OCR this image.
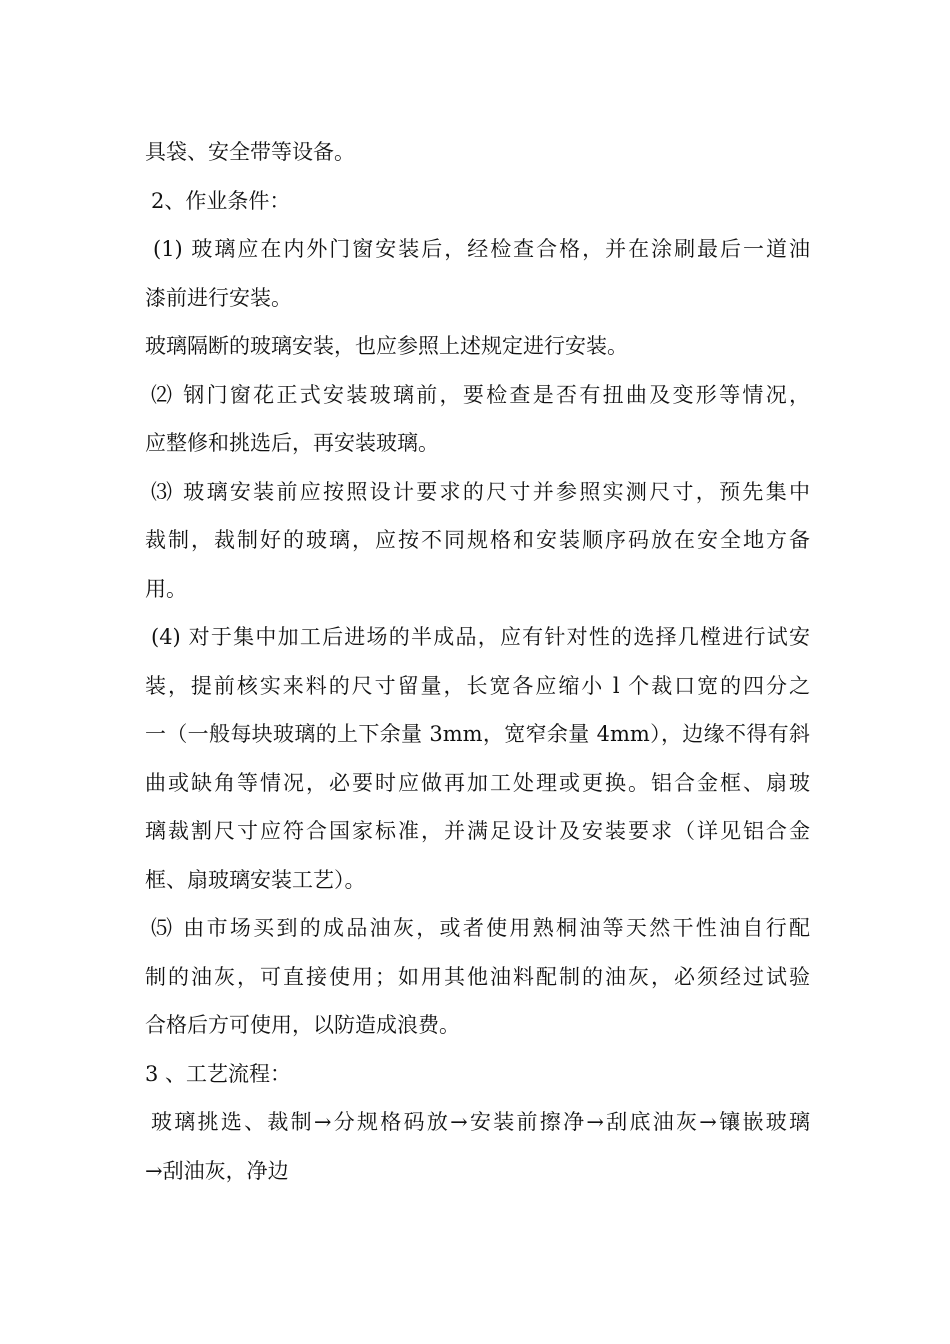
具袋、安全带等设备。
2、作业条件：
(1) 玻璃应在内外门窗安装后，经检查合格，并在涂刷最后一道油
漆前进行安装。
玻璃隔断的玻璃安装，也应参照上述规定进行安装。
⑵ 钢门窗花正式安装玻璃前，要检查是否有扭曲及变形等情况，
应整修和挑选后，再安装玻璃。
⑶ 玻璃安装前应按照设计要求的尺寸并参照实测尺寸，预先集中
裁制，裁制好的玻璃，应按不同规格和安装顺序码放在安全地方备
用。
(4) 对于集中加工后进场的半成品，应有针对性的选择几樘进行试安
装，提前核实来料的尺寸留量，长宽各应缩小 l 个裁口宽的四分之
一（一般每块玻璃的上下余量 3mm，宽窄余量 4mm），边缘不得有斜
曲或缺角等情况，必要时应做再加工处理或更换。铝合金框、扇玻
璃裁割尺寸应符合国家标准，并满足设计及安装要求（详见铝合金
框、扇玻璃安装工艺）。
⑸ 由市场买到的成品油灰，或者使用熟桐油等天然干性油自行配
制的油灰，可直接使用；如用其他油料配制的油灰，必须经过试验
合格后方可使用，以防造成浪费。
3 、工艺流程：
玻璃挑选、裁制→分规格码放→安装前擦净→刮底油灰→镶嵌玻璃
→刮油灰，净边
